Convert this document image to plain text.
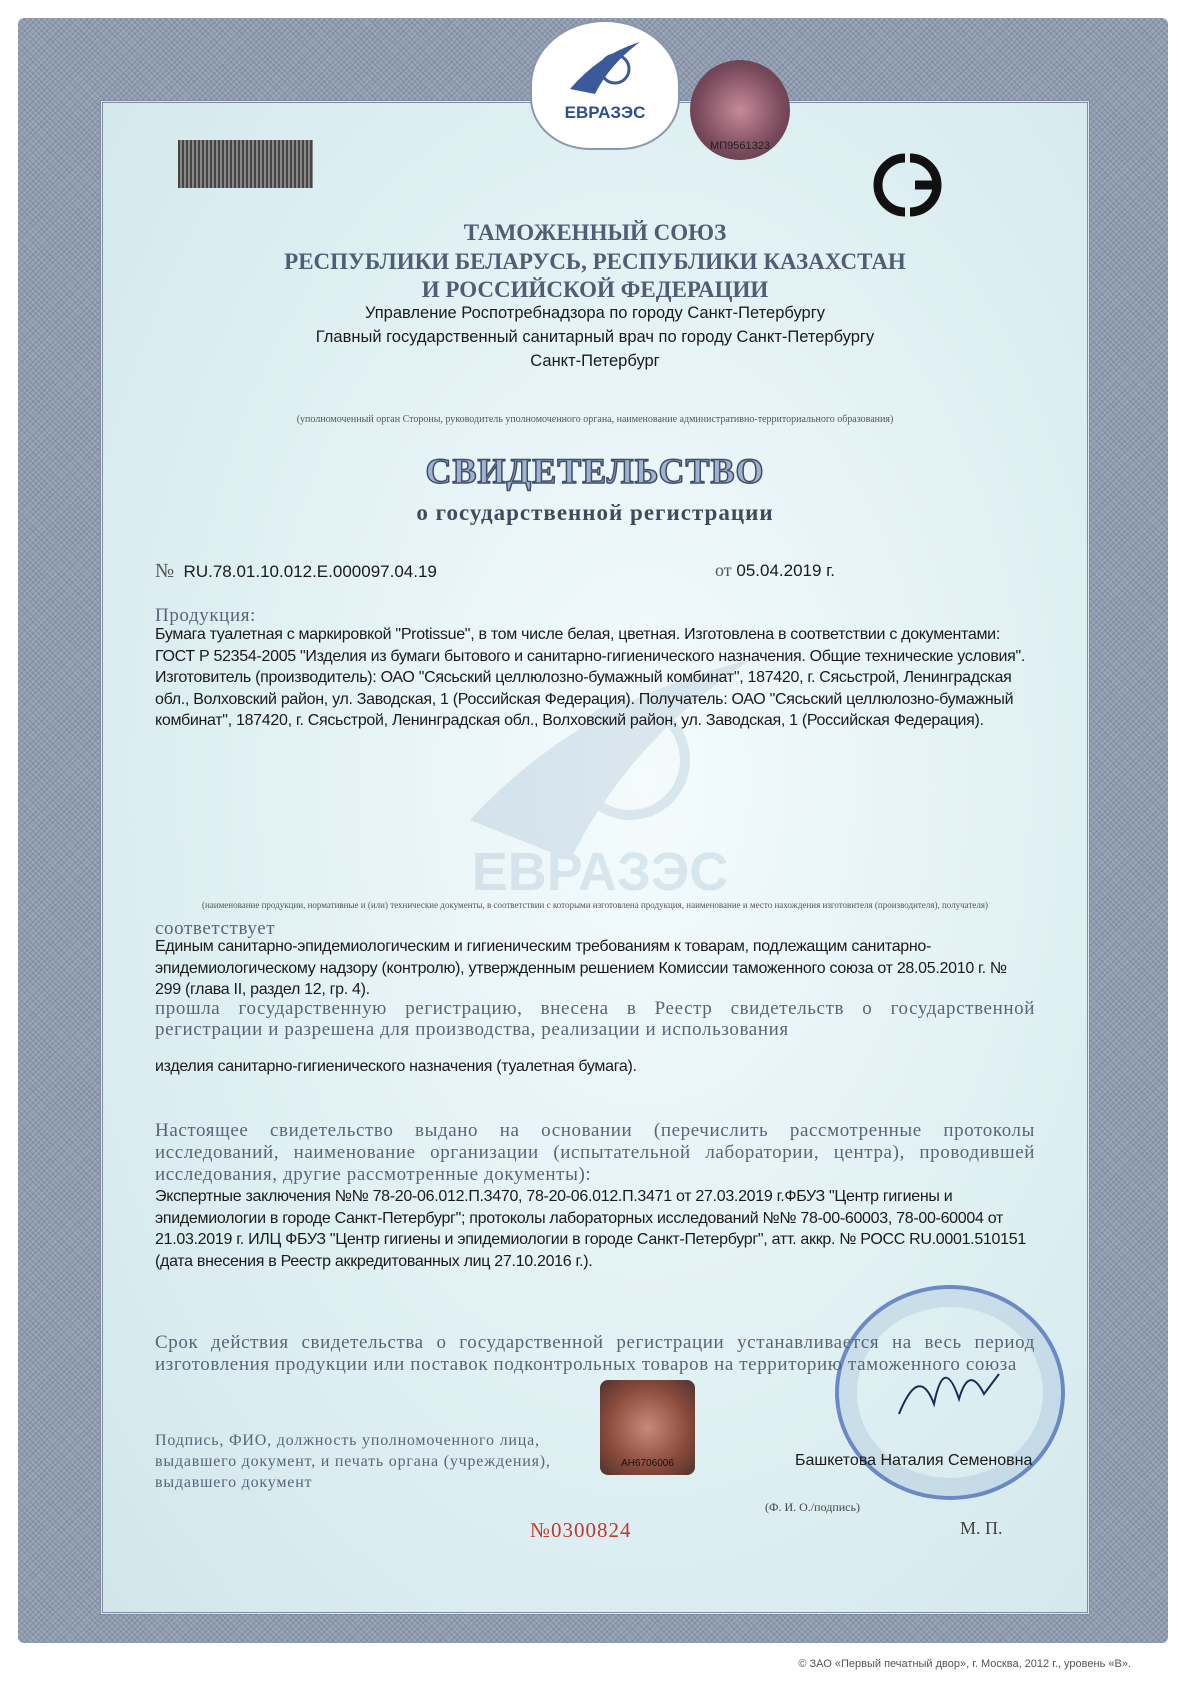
ЕВРАЗЭС
MП9561323
ТАМОЖЕННЫЙ СОЮЗ
РЕСПУБЛИКИ БЕЛАРУСЬ, РЕСПУБЛИКИ КАЗАХСТАН
И РОССИЙСКОЙ ФЕДЕРАЦИИ
Управление Роспотребнадзора по городу Санкт-Петербургу
Главный государственный санитарный врач по городу Санкт-Петербургу
Санкт-Петербург
(уполномоченный орган Стороны, руководитель уполномоченного органа, наименование административно-территориального образования)
СВИДЕТЕЛЬСТВО
о государственной регистрации
№ RU.78.01.10.012.E.000097.04.19	от 05.04.2019 г.
Продукция:
Бумага туалетная с маркировкой "Protissue", в том числе белая, цветная. Изготовлена в соответствии с документами: ГОСТ Р 52354-2005 "Изделия из бумаги бытового и санитарно-гигиенического назначения. Общие технические условия". Изготовитель (производитель): ОАО "Сясьский целлюлозно-бумажный комбинат", 187420, г. Сясьстрой, Ленинградская обл., Волховский район, ул. Заводская, 1 (Российская Федерация). Получатель: ОАО "Сясьский целлюлозно-бумажный комбинат", 187420, г. Сясьстрой, Ленинградская обл., Волховский район, ул. Заводская, 1 (Российская Федерация).
(наименование продукции, нормативные и (или) технические документы, в соответствии с которыми изготовлена продукция, наименование и место нахождения изготовителя (производителя), получателя)
соответствует
Единым санитарно-эпидемиологическим и гигиеническим требованиям к товарам, подлежащим санитарно-эпидемиологическому надзору (контролю), утвержденным решением Комиссии таможенного союза от 28.05.2010 г. № 299 (глава II, раздел 12, гр. 4).
прошла государственную регистрацию, внесена в Реестр свидетельств о государственной регистрации и разрешена для производства, реализации и использования
изделия санитарно-гигиенического назначения (туалетная бумага).
Настоящее свидетельство выдано на основании (перечислить рассмотренные протоколы исследований, наименование организации (испытательной лаборатории, центра), проводившей исследования, другие рассмотренные документы):
Экспертные заключения №№ 78-20-06.012.П.3470, 78-20-06.012.П.3471 от 27.03.2019 г.ФБУЗ "Центр гигиены и эпидемиологии в городе Санкт-Петербург"; протоколы лабораторных исследований №№ 78-00-60003, 78-00-60004 от 21.03.2019 г. ИЛЦ ФБУЗ "Центр гигиены и эпидемиологии в городе Санкт-Петербург", атт. аккр. № РОСС RU.0001.510151 (дата внесения в Реестр аккредитованных лиц 27.10.2016 г.).
Срок действия свидетельства о государственной регистрации устанавливается на весь период изготовления продукции или поставок подконтрольных товаров на территорию таможенного союза
Подпись, ФИО, должность уполномоченного лица, выдавшего документ, и печать органа (учреждения), выдавшего документ
AH6706006	Башкетова Наталия Семеновна
(Ф. И. О./подпись)
№0300824	М. П.
© ЗАО «Первый печатный двор», г. Москва, 2012 г., уровень «В».
